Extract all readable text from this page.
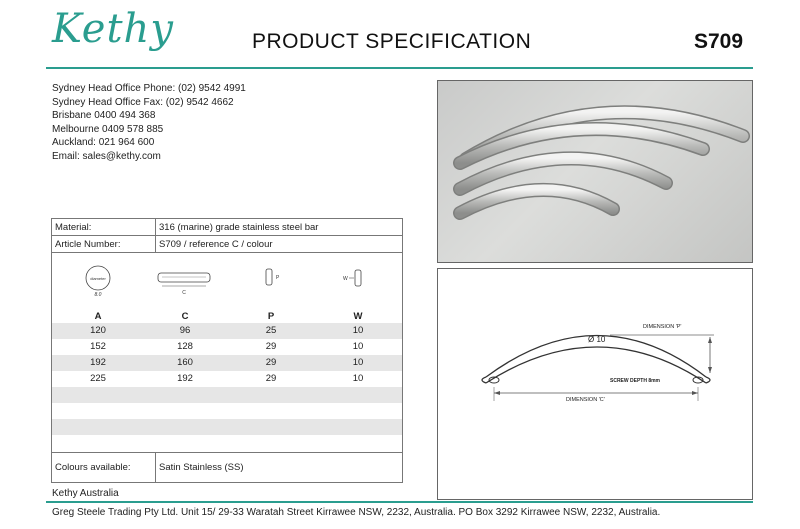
Kethy	PRODUCT SPECIFICATION	S709
Sydney Head Office Phone: (02) 9542 4991
Sydney Head Office Fax: (02) 9542 4662
Brisbane 0400 494 368
Melbourne 0409 578 885
Auckland: 021 964 600
Email: sales@kethy.com
DIMENSION 'P'
Ø 10
SCREW DEPTH 8mm
DIMENSION 'C'
Material:	316 (marine) grade stainless steel bar
Article Number:	S709 / reference C / colour
diameter
8.0	C
P	W
A	C	P	W
120	96	25	10
152	128	29	10
192	160	29	10
225	192	29	10
Colours available:	Satin Stainless (SS)
Kethy Australia
Greg Steele Trading Pty Ltd. Unit 15/ 29-33 Waratah Street Kirrawee NSW, 2232, Australia. PO Box 3292 Kirrawee NSW, 2232, Australia.
